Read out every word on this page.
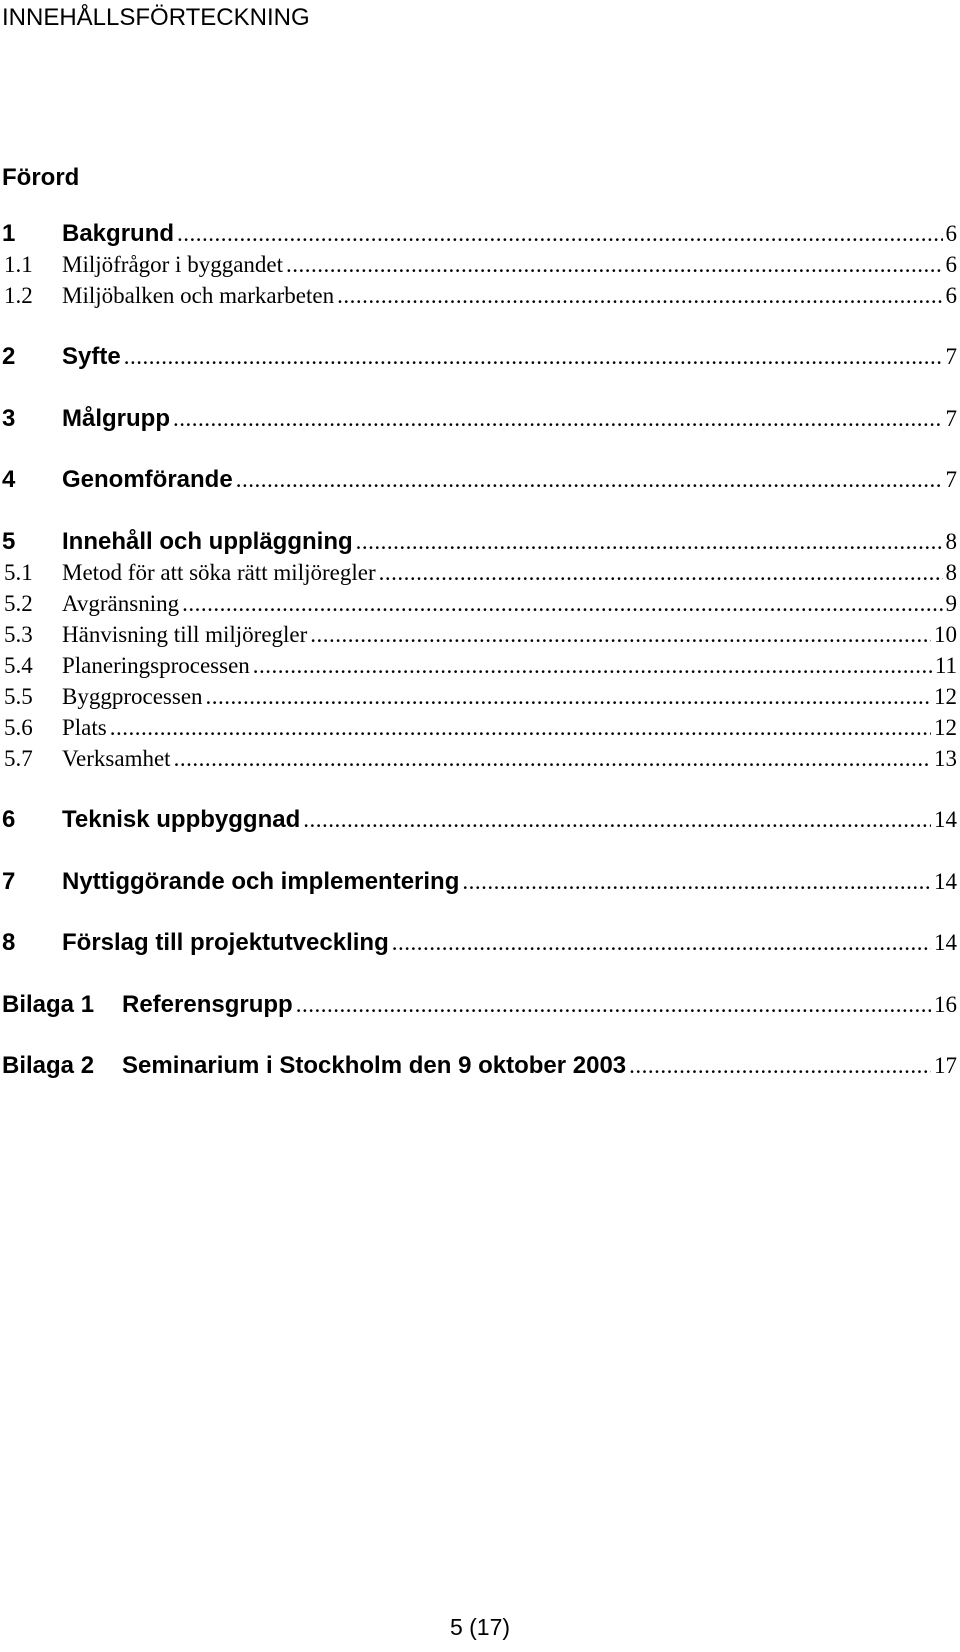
INNEHÅLLSFÖRTECKNING
Förord
1	Bakgrund .....	6
1.1	Miljöfrågor i byggandet .....	6
1.2	Miljöbalken och markarbeten .....	6
2	Syfte .....	7
3	Målgrupp .....	7
4	Genomförande .....	7
5	Innehåll och uppläggning .....	8
5.1	Metod för att söka rätt miljöregler .....	8
5.2	Avgränsning .....	9
5.3	Hänvisning till miljöregler .....	10
5.4	Planeringsprocessen .....	11
5.5	Byggprocessen .....	12
5.6	Plats .....	12
5.7	Verksamhet .....	13
6	Teknisk uppbyggnad .....	14
7	Nyttiggörande och implementering .....	14
8	Förslag till projektutveckling .....	14
Bilaga 1	Referensgrupp .....	16
Bilaga 2	Seminarium i Stockholm den 9 oktober 2003 .....	17
5 (17)
